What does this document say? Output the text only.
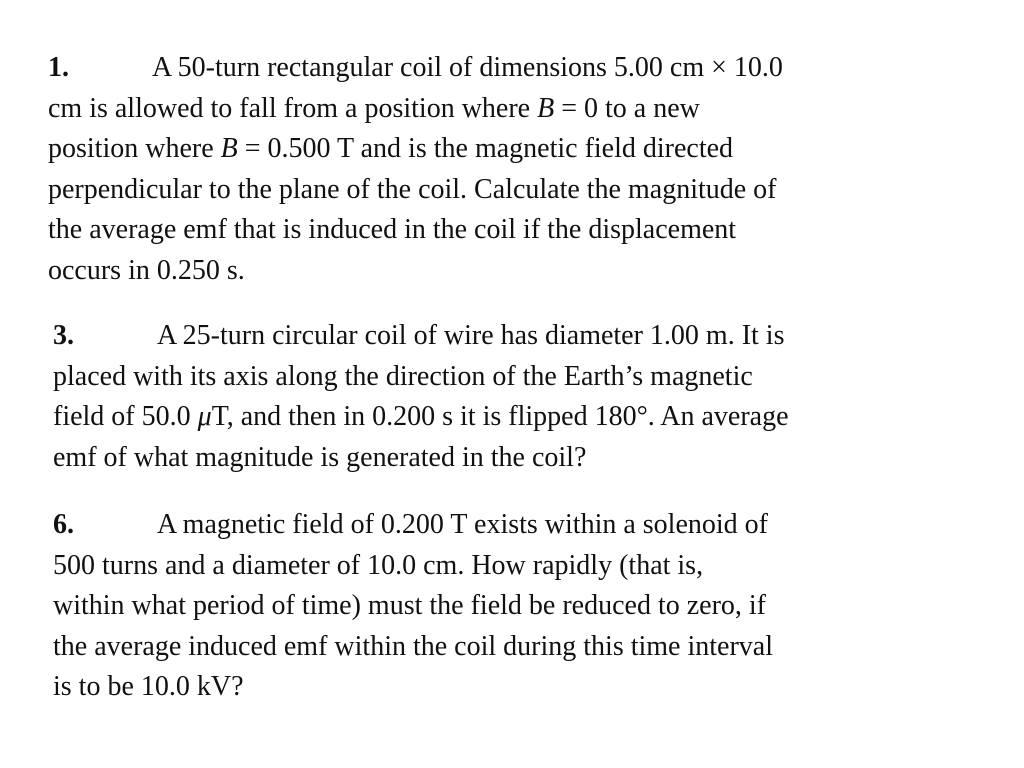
1.	A 50-turn rectangular coil of dimensions 5.00 cm × 10.0
cm is allowed to fall from a position where B = 0 to a new
position where B = 0.500 T and is the magnetic field directed
perpendicular to the plane of the coil. Calculate the magnitude of
the average emf that is induced in the coil if the displacement
occurs in 0.250 s.
3.	A 25-turn circular coil of wire has diameter 1.00 m. It is
placed with its axis along the direction of the Earth’s magnetic
field of 50.0 μT, and then in 0.200 s it is flipped 180°. An average
emf of what magnitude is generated in the coil?
6.	A magnetic field of 0.200 T exists within a solenoid of
500 turns and a diameter of 10.0 cm. How rapidly (that is,
within what period of time) must the field be reduced to zero, if
the average induced emf within the coil during this time interval
is to be 10.0 kV?
